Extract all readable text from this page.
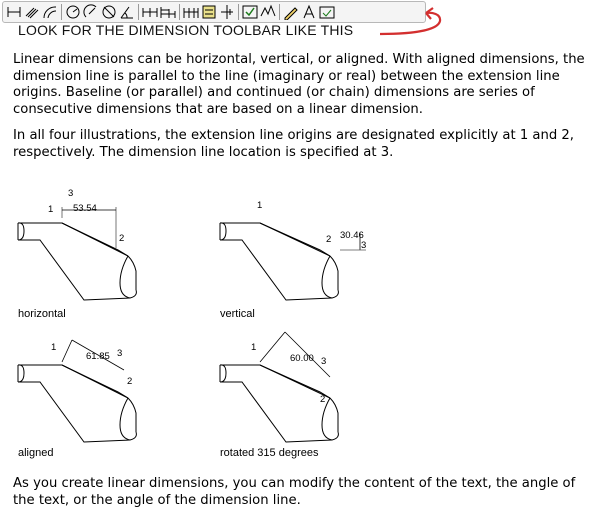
LOOK FOR THE DIMENSION TOOLBAR LIKE THIS
Linear dimensions can be horizontal, vertical, or aligned. With aligned dimensions, the dimension line is parallel to the line (imaginary or real) between the extension line origins. Baseline (or parallel) and continued (or chain) dimensions are series of consecutive dimensions that are based on a linear dimension.
In all four illustrations, the extension line origins are designated explicitly at 1 and 2, respectively. The dimension line location is specified at 3.
1
2
3
53.54	1
2
3
30.46
1
2
3
61.85
1
2
3
60.00
horizontal	vertical
aligned	rotated 315 degrees
As you create linear dimensions, you can modify the content of the text, the angle of the text, or the angle of the dimension line.
